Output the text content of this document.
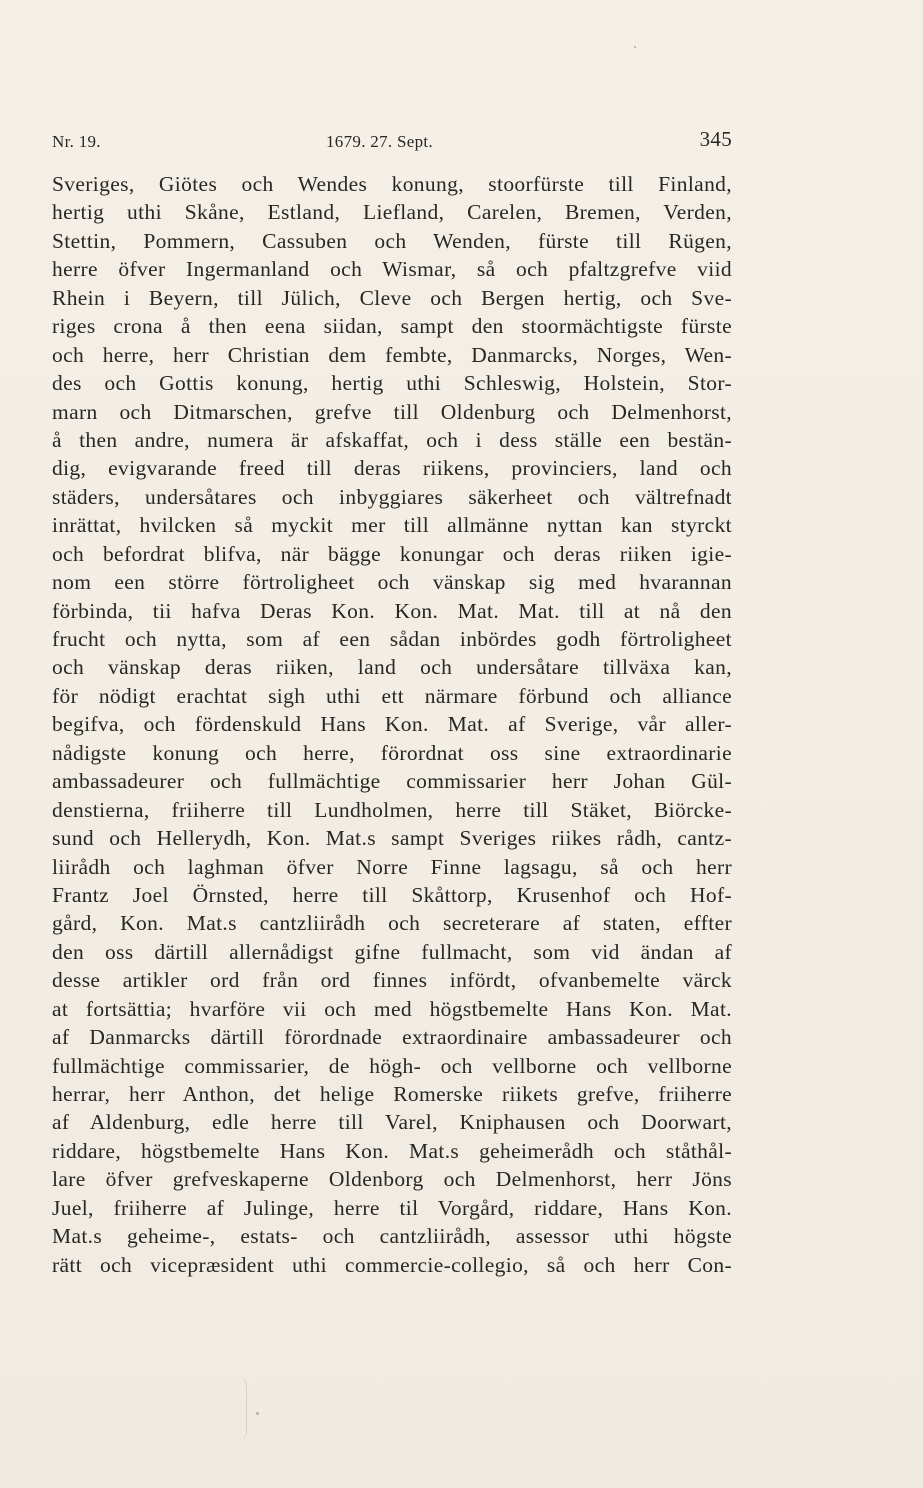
Nr. 19.	1679. 27. Sept.	345
Sveriges, Giötes och Wendes konung, stoorfürste till Finland,
hertig uthi Skåne, Estland, Liefland, Carelen, Bremen, Verden,
Stettin, Pommern, Cassuben och Wenden, fürste till Rügen,
herre öfver Ingermanland och Wismar, så och pfaltzgrefve viid
Rhein i Beyern, till Jülich, Cleve och Bergen hertig, och Sve-
riges crona å then eena siidan, sampt den stoormächtigste fürste
och herre, herr Christian dem fembte, Danmarcks, Norges, Wen-
des och Gottis konung, hertig uthi Schleswig, Holstein, Stor-
marn och Ditmarschen, grefve till Oldenburg och Delmenhorst,
å then andre, numera är afskaffat, och i dess ställe een bestän-
dig, evigvarande freed till deras riikens, provinciers, land och
städers, undersåtares och inbyggiares säkerheet och vältrefnadt
inrättat, hvilcken så myckit mer till allmänne nyttan kan styrckt
och befordrat blifva, när bägge konungar och deras riiken igie-
nom een större förtroligheet och vänskap sig med hvarannan
förbinda, tii hafva Deras Kon. Kon. Mat. Mat. till at nå den
frucht och nytta, som af een sådan inbördes godh förtroligheet
och vänskap deras riiken, land och undersåtare tillväxa kan,
för nödigt erachtat sigh uthi ett närmare förbund och alliance
begifva, och fördenskuld Hans Kon. Mat. af Sverige, vår aller-
nådigste konung och herre, förordnat oss sine extraordinarie
ambassadeurer och fullmächtige commissarier herr Johan Gül-
denstierna, friiherre till Lundholmen, herre till Stäket, Biörcke-
sund och Hellerydh, Kon. Mat.s sampt Sveriges riikes rådh, cantz-
liirådh och laghman öfver Norre Finne lagsagu, så och herr
Frantz Joel Örnsted, herre till Skåttorp, Krusenhof och Hof-
gård, Kon. Mat.s cantzliirådh och secreterare af staten, effter
den oss därtill allernådigst gifne fullmacht, som vid ändan af
desse artikler ord från ord finnes infördt, ofvanbemelte värck
at fortsättia; hvarföre vii och med högstbemelte Hans Kon. Mat.
af Danmarcks därtill förordnade extraordinaire ambassadeurer och
fullmächtige commissarier, de högh- och vellborne och vellborne
herrar, herr Anthon, det helige Romerske riikets grefve, friiherre
af Aldenburg, edle herre till Varel, Kniphausen och Doorwart,
riddare, högstbemelte Hans Kon. Mat.s geheimerådh och ståthål-
lare öfver grefveskaperne Oldenborg och Delmenhorst, herr Jöns
Juel, friiherre af Julinge, herre til Vorgård, riddare, Hans Kon.
Mat.s geheime-, estats- och cantzliirådh, assessor uthi högste
rätt och vicepræsident uthi commercie-collegio, så och herr Con-
